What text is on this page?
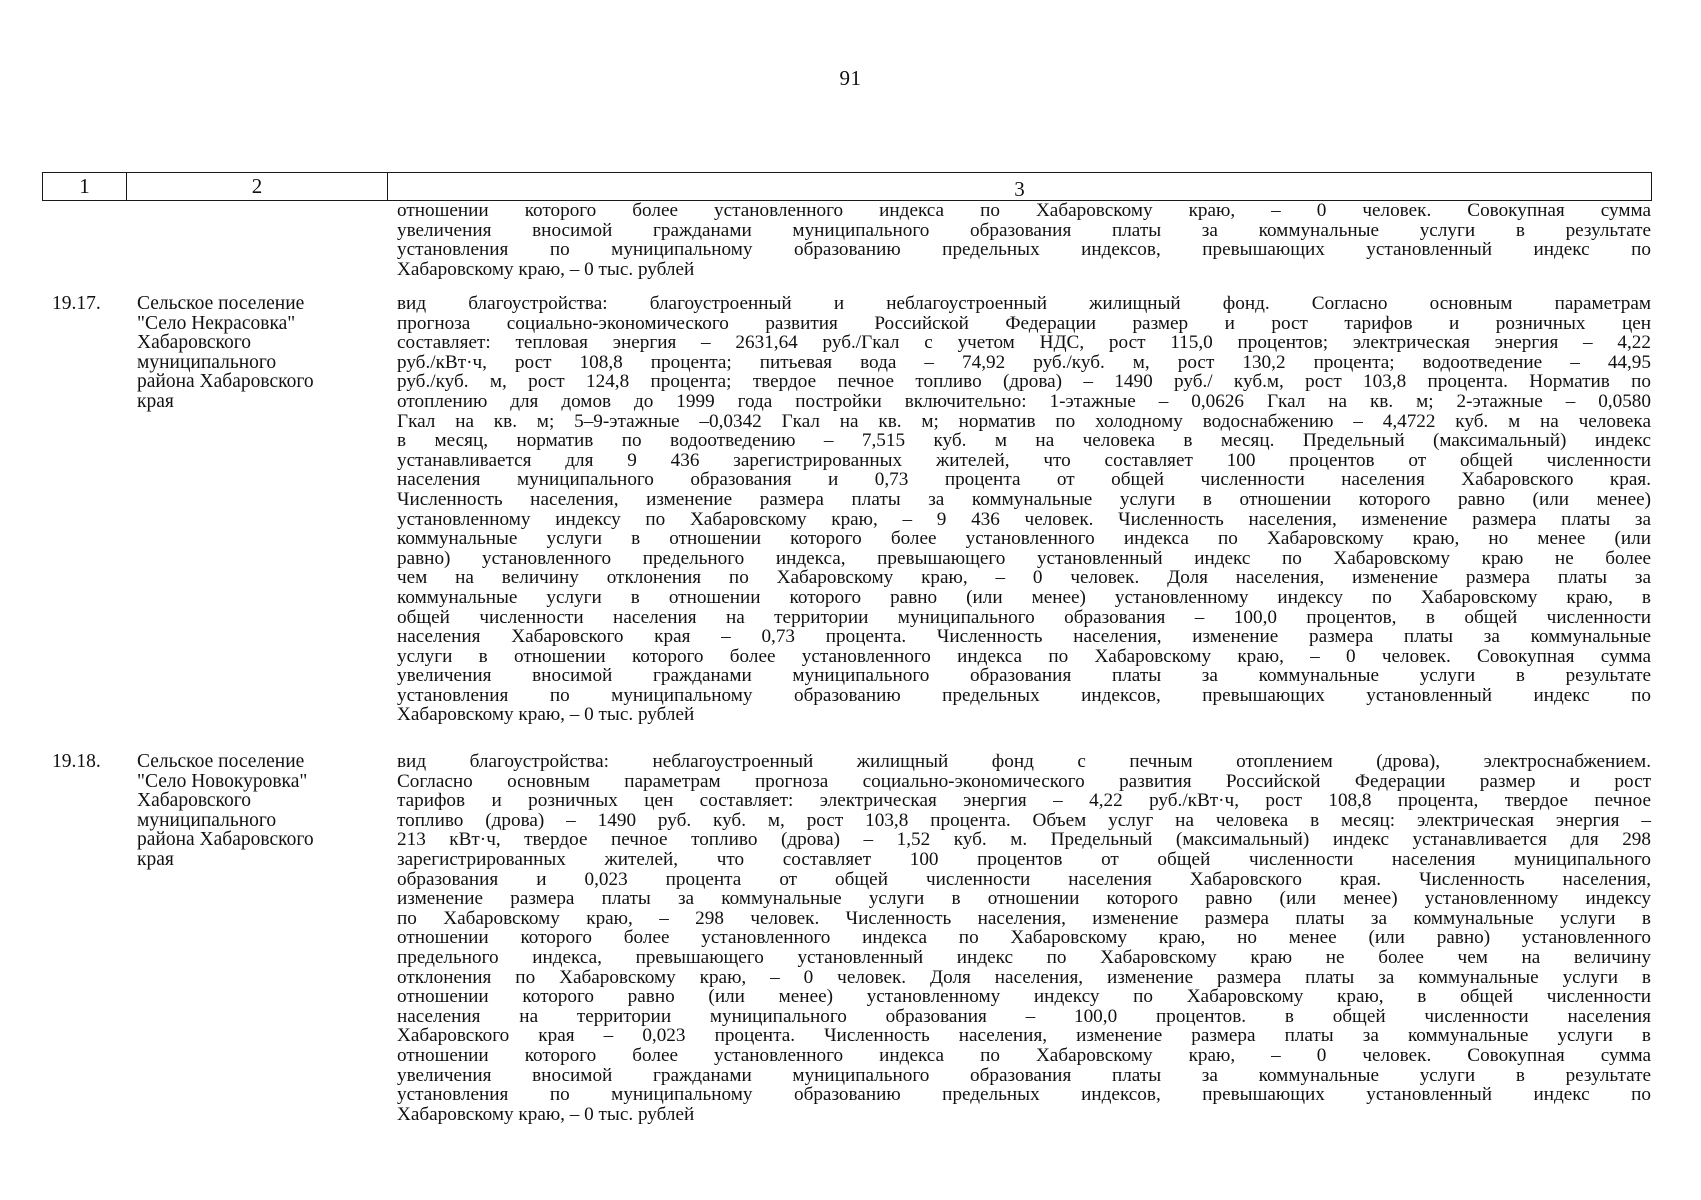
91
1	2	3
отношении которого более установленного индекса по Хабаровскому краю, – 0 человек. Совокупная сумма
увеличения вносимой гражданами муниципального образования платы за коммунальные услуги в результате
установления по муниципальному образованию предельных индексов, превышающих установленный индекс по
Хабаровскому краю, – 0 тыс. рублей
19.17. Сельское поселение
"Село Некрасовка"
Хабаровского
муниципального
района Хабаровского
края
вид благоустройства: благоустроенный и неблагоустроенный жилищный фонд. Согласно основным параметрам
прогноза социально-экономического развития Российской Федерации размер и рост тарифов и розничных цен
составляет: тепловая энергия – 2631,64 руб./Гкал с учетом НДС, рост 115,0 процентов; электрическая энергия – 4,22
руб./кВт·ч, рост 108,8 процента; питьевая вода – 74,92 руб./куб. м, рост 130,2 процента; водоотведение – 44,95
руб./куб. м, рост 124,8 процента; твердое печное топливо (дрова) – 1490 руб./ куб.м, рост 103,8 процента. Норматив по
отоплению для домов до 1999 года постройки включительно: 1-этажные – 0,0626 Гкал на кв. м; 2-этажные – 0,0580
Гкал на кв. м; 5–9-этажные –0,0342 Гкал на кв. м; норматив по холодному водоснабжению – 4,4722 куб. м на человека
в месяц, норматив по водоотведению – 7,515 куб. м на человека в месяц. Предельный (максимальный) индекс
устанавливается для 9 436 зарегистрированных жителей, что составляет 100 процентов от общей численности
населения муниципального образования и 0,73 процента от общей численности населения Хабаровского края.
Численность населения, изменение размера платы за коммунальные услуги в отношении которого равно (или менее)
установленному индексу по Хабаровскому краю, – 9 436 человек. Численность населения, изменение размера платы за
коммунальные услуги в отношении которого более установленного индекса по Хабаровскому краю, но менее (или
равно) установленного предельного индекса, превышающего установленный индекс по Хабаровскому краю не более
чем на величину отклонения по Хабаровскому краю, – 0 человек. Доля населения, изменение размера платы за
коммунальные услуги в отношении которого равно (или менее) установленному индексу по Хабаровскому краю, в
общей численности населения на территории муниципального образования – 100,0 процентов, в общей численности
населения Хабаровского края – 0,73 процента. Численность населения, изменение размера платы за коммунальные
услуги в отношении которого более установленного индекса по Хабаровскому краю, – 0 человек. Совокупная сумма
увеличения вносимой гражданами муниципального образования платы за коммунальные услуги в результате
установления по муниципальному образованию предельных индексов, превышающих установленный индекс по
Хабаровскому краю, – 0 тыс. рублей
19.18. Сельское поселение
"Село Новокуровка"
Хабаровского
муниципального
района Хабаровского
края
вид благоустройства: неблагоустроенный жилищный фонд с печным отоплением (дрова), электроснабжением.
Согласно основным параметрам прогноза социально-экономического развития Российской Федерации размер и рост
тарифов и розничных цен составляет: электрическая энергия – 4,22 руб./кВт·ч, рост 108,8 процента, твердое печное
топливо (дрова) – 1490 руб. куб. м, рост 103,8 процента. Объем услуг на человека в месяц: электрическая энергия –
213 кВт·ч, твердое печное топливо (дрова) – 1,52 куб. м. Предельный (максимальный) индекс устанавливается для 298
зарегистрированных жителей, что составляет 100 процентов от общей численности населения муниципального
образования и 0,023 процента от общей численности населения Хабаровского края. Численность населения,
изменение размера платы за коммунальные услуги в отношении которого равно (или менее) установленному индексу
по Хабаровскому краю, – 298 человек. Численность населения, изменение размера платы за коммунальные услуги в
отношении которого более установленного индекса по Хабаровскому краю, но менее (или равно) установленного
предельного индекса, превышающего установленный индекс по Хабаровскому краю не более чем на величину
отклонения по Хабаровскому краю, – 0 человек. Доля населения, изменение размера платы за коммунальные услуги в
отношении которого равно (или менее) установленному индексу по Хабаровскому краю, в общей численности
населения на территории муниципального образования – 100,0 процентов. в общей численности населения
Хабаровского края – 0,023 процента. Численность населения, изменение размера платы за коммунальные услуги в
отношении которого более установленного индекса по Хабаровскому краю, – 0 человек. Совокупная сумма
увеличения вносимой гражданами муниципального образования платы за коммунальные услуги в результате
установления по муниципальному образованию предельных индексов, превышающих установленный индекс по
Хабаровскому краю, – 0 тыс. рублей
